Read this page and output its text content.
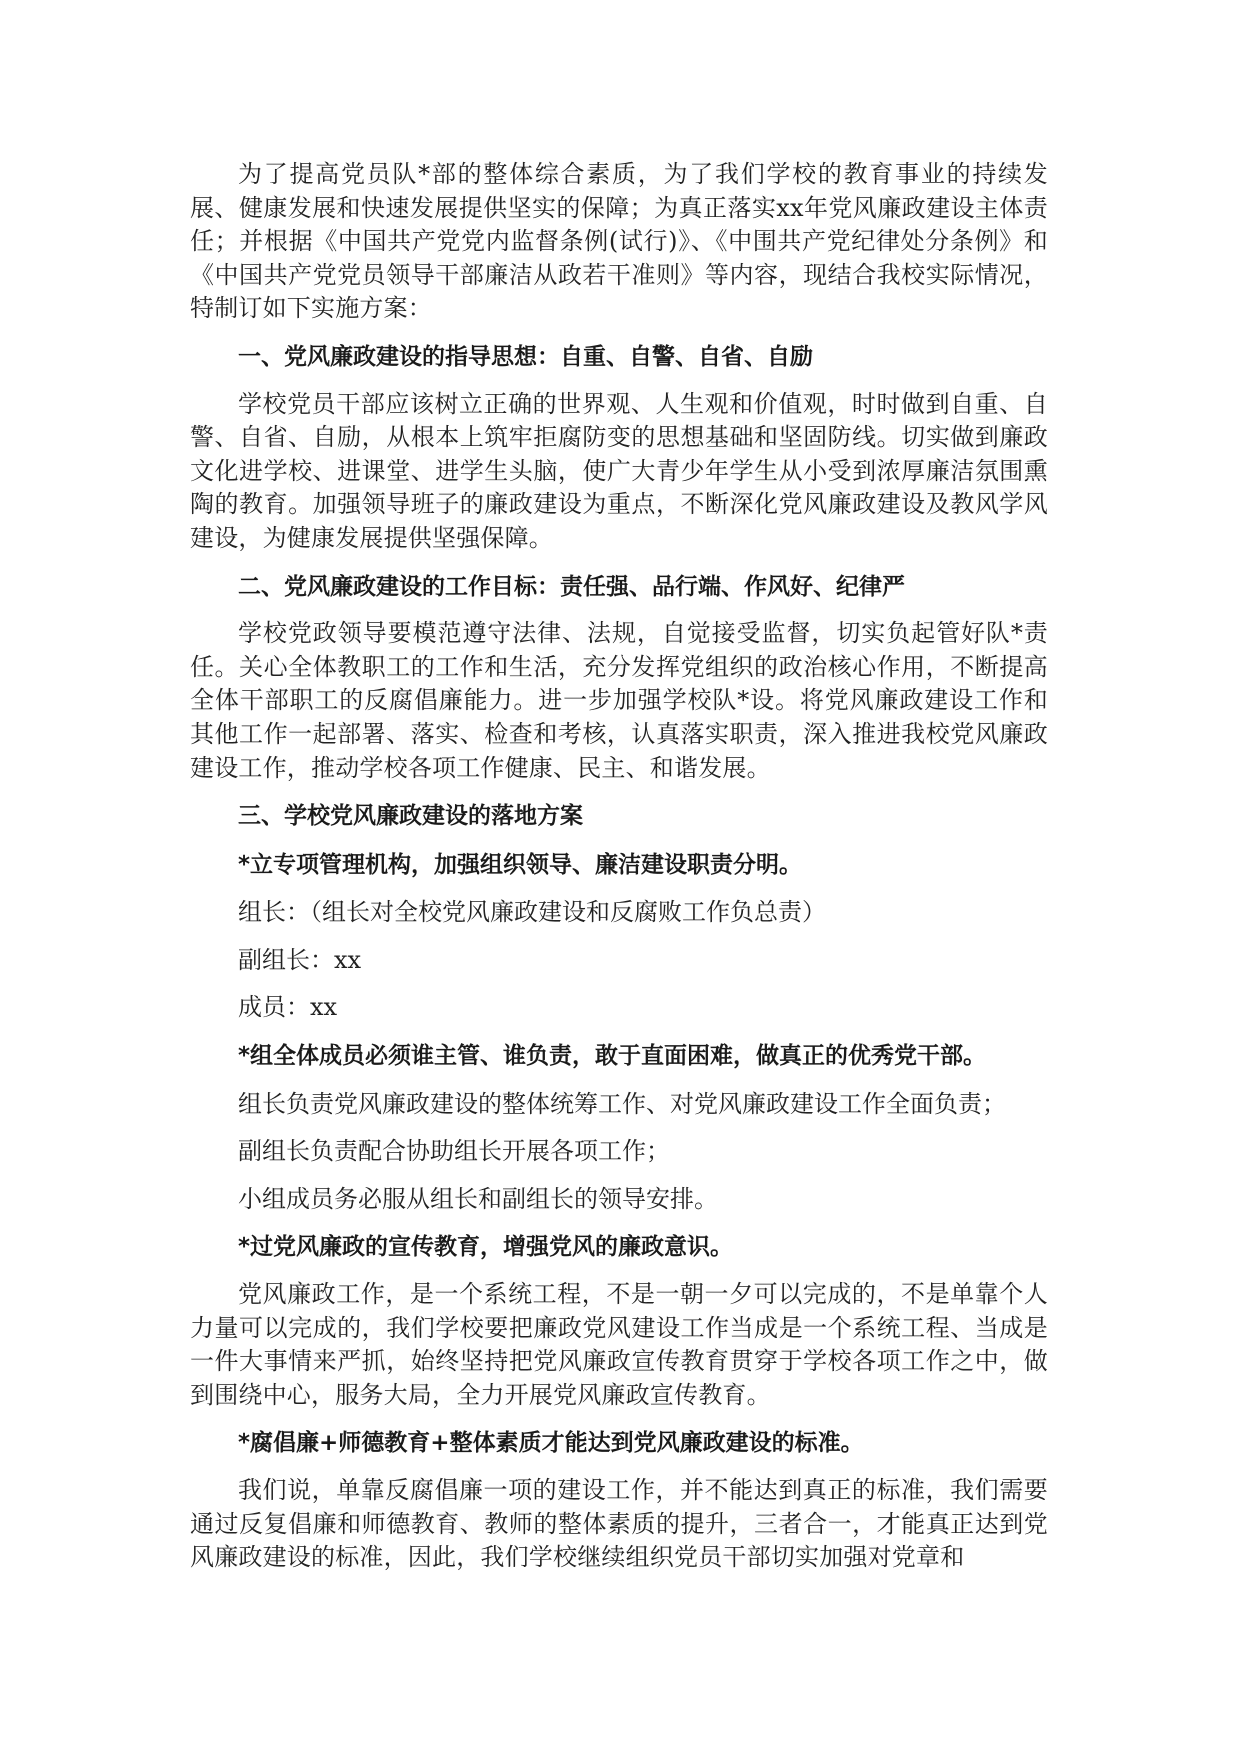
为了提高党员队*部的整体综合素质，为了我们学校的教育事业的持续发展、健康发展和快速发展提供坚实的保障；为真正落实xx年党风廉政建设主体责任；并根据《中国共产党党内监督条例(试行)》、《中围共产党纪律处分条例》和《中国共产党党员领导干部廉洁从政若干准则》等内容，现结合我校实际情况，特制订如下实施方案：

一、党风廉政建设的指导思想：自重、自警、自省、自励

学校党员干部应该树立正确的世界观、人生观和价值观，时时做到自重、自警、自省、自励，从根本上筑牢拒腐防变的思想基础和坚固防线。切实做到廉政文化进学校、进课堂、进学生头脑，使广大青少年学生从小受到浓厚廉洁氛围熏陶的教育。加强领导班子的廉政建设为重点，不断深化党风廉政建设及教风学风建设，为健康发展提供坚强保障。

二、党风廉政建设的工作目标：责任强、品行端、作风好、纪律严

学校党政领导要模范遵守法律、法规，自觉接受监督，切实负起管好队*责任。关心全体教职工的工作和生活，充分发挥党组织的政治核心作用，不断提高全体干部职工的反腐倡廉能力。进一步加强学校队*设。将党风廉政建设工作和其他工作一起部署、落实、检查和考核，认真落实职责，深入推进我校党风廉政建设工作，推动学校各项工作健康、民主、和谐发展。

三、学校党风廉政建设的落地方案

*立专项管理机构，加强组织领导、廉洁建设职责分明。

组长：（组长对全校党风廉政建设和反腐败工作负总责）

副组长：xx

成员：xx

*组全体成员必须谁主管、谁负责，敢于直面困难，做真正的优秀党干部。

组长负责党风廉政建设的整体统筹工作、对党风廉政建设工作全面负责；

副组长负责配合协助组长开展各项工作；

小组成员务必服从组长和副组长的领导安排。

*过党风廉政的宣传教育，增强党风的廉政意识。

党风廉政工作，是一个系统工程，不是一朝一夕可以完成的，不是单靠个人力量可以完成的，我们学校要把廉政党风建设工作当成是一个系统工程、当成是一件大事情来严抓，始终坚持把党风廉政宣传教育贯穿于学校各项工作之中，做到围绕中心，服务大局，全力开展党风廉政宣传教育。

*腐倡廉+师德教育+整体素质才能达到党风廉政建设的标准。

我们说，单靠反腐倡廉一项的建设工作，并不能达到真正的标准，我们需要通过反复倡廉和师德教育、教师的整体素质的提升，三者合一，才能真正达到党风廉政建设的标准，因此，我们学校继续组织党员干部切实加强对党章和
